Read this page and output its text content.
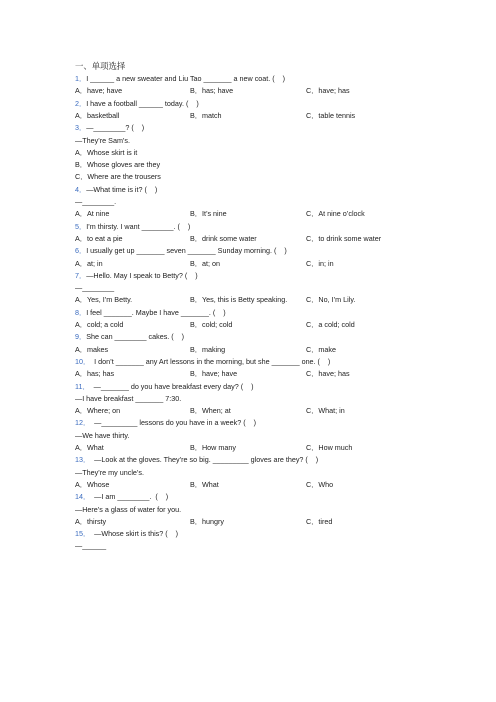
一、单项选择
1．I ______ a new sweater and Liu Tao _______ a new coat. (    )
A．have; have	B．has; have	C．have; has
2．I have a football ______ today. (    )
A．basketball	B．match	C．table tennis
3．—________? (    )
—They’re Sam’s.
A．Whose skirt is it
B．Whose gloves are they
C．Where are the trousers
4．—What time is it? (    )
—________.
A．At nine	B．It’s nine	C．At nine o’clock
5．I’m thirsty. I want ________. (    )
A．to eat a pie	B．drink some water	C．to drink some water
6．I usually get up _______ seven _______ Sunday morning. (    )
A．at; in	B．at; on	C．in; in
7．—Hello. May I speak to Betty? (    )
—________
A．Yes, I’m Betty.	B．Yes, this is Betty speaking.	C．No, I’m Lily.
8．I feel _______. Maybe I have _______. (    )
A．cold; a cold	B．cold; cold	C．a cold; cold
9．She can ________ cakes. (    )
A．makes	B．making	C．make
10．  I don’t _______ any Art lessons in the morning, but she _______ one. (    )
A．has; has	B．have; have	C．have; has
11．  —_______ do you have breakfast every day? (    )
—I have breakfast _______ 7:30.
A．Where; on	B．When; at	C．What; in
12．  —_________ lessons do you have in a week? (    )
—We have thirty.
A．What	B．How many	C．How much
13．  —Look at the gloves. They’re so big. _________ gloves are they? (    )
—They’re my uncle’s.
A．Whose	B．What	C．Who
14．  —I am ________.  (    )
—Here’s a glass of water for you.
A．thirsty	B．hungry	C．tired
15．  —Whose skirt is this? (    )
—______
